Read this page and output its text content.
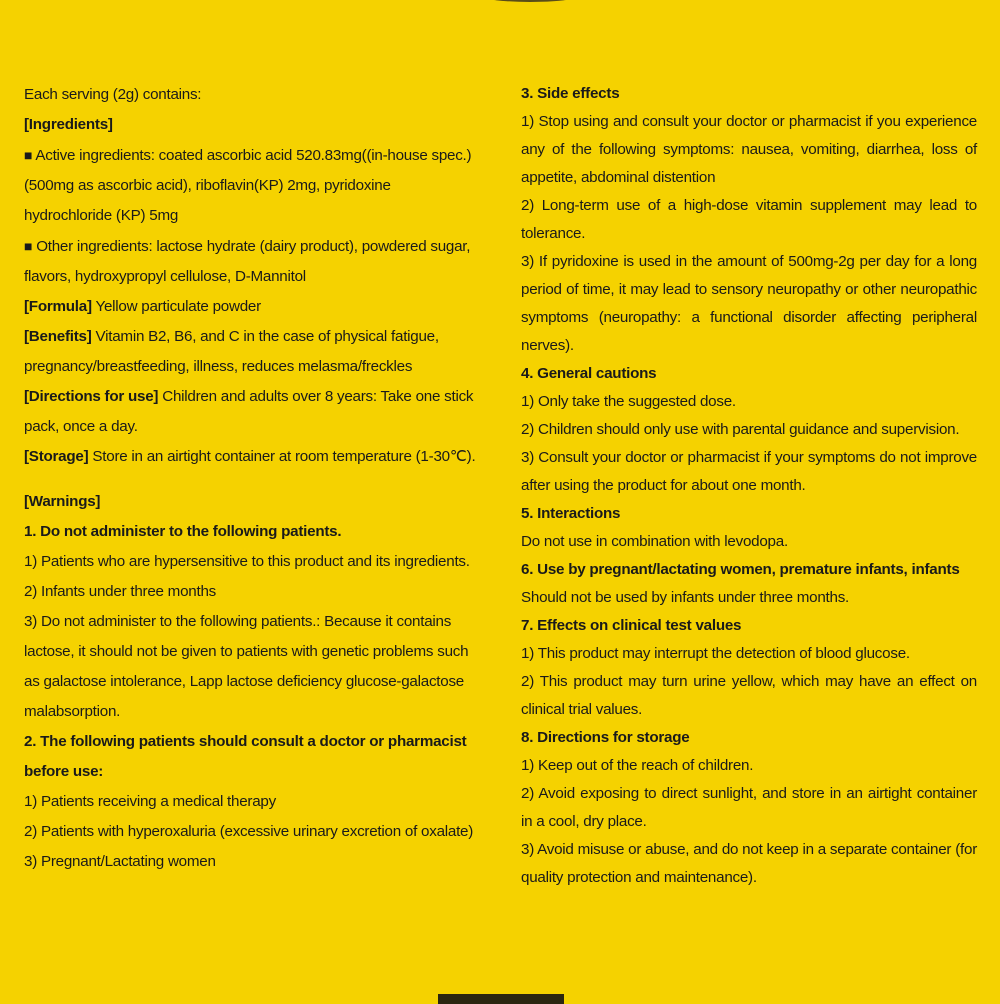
Each serving (2g) contains:

[Ingredients]

■ Active ingredients: coated ascorbic acid 520.83mg((in-house spec.) (500mg as ascorbic acid), riboflavin(KP) 2mg, pyridoxine hydrochloride (KP) 5mg

■ Other ingredients: lactose hydrate (dairy product), powdered sugar, flavors, hydroxypropyl cellulose, D-Mannitol

[Formula] Yellow particulate powder

[Benefits] Vitamin B2, B6, and C in the case of physical fatigue, pregnancy/breastfeeding, illness, reduces melasma/freckles

[Directions for use] Children and adults over 8 years: Take one stick pack, once a day.

[Storage] Store in an airtight container at room temperature (1-30℃).

[Warnings]

1. Do not administer to the following patients.

1) Patients who are hypersensitive to this product and its ingredients.

2) Infants under three months

3) Do not administer to the following patients.: Because it contains lactose, it should not be given to patients with genetic problems such as galactose intolerance, Lapp lactose deficiency glucose-galactose malabsorption.

2. The following patients should consult a doctor or pharmacist before use:

1) Patients receiving a medical therapy

2) Patients with hyperoxaluria (excessive urinary excretion of oxalate)

3) Pregnant/Lactating women

3. Side effects

1) Stop using and consult your doctor or pharmacist if you experience any of the following symptoms: nausea, vomiting, diarrhea, loss of appetite, abdominal distention

2) Long-term use of a high-dose vitamin supplement may lead to tolerance.

3) If pyridoxine is used in the amount of 500mg-2g per day for a long period of time, it may lead to sensory neuropathy or other neuropathic symptoms (neuropathy: a functional disorder affecting peripheral nerves).

4. General cautions

1) Only take the suggested dose.

2) Children should only use with parental guidance and supervision.

3) Consult your doctor or pharmacist if your symptoms do not improve after using the product for about one month.

5. Interactions

Do not use in combination with levodopa.

6. Use by pregnant/lactating women, premature infants, infants

Should not be used by infants under three months.

7. Effects on clinical test values

1) This product may interrupt the detection of blood glucose.

2) This product may turn urine yellow, which may have an effect on clinical trial values.

8. Directions for storage

1) Keep out of the reach of children.

2) Avoid exposing to direct sunlight, and store in an airtight container in a cool, dry place.

3) Avoid misuse or abuse, and do not keep in a separate container (for quality protection and maintenance).
